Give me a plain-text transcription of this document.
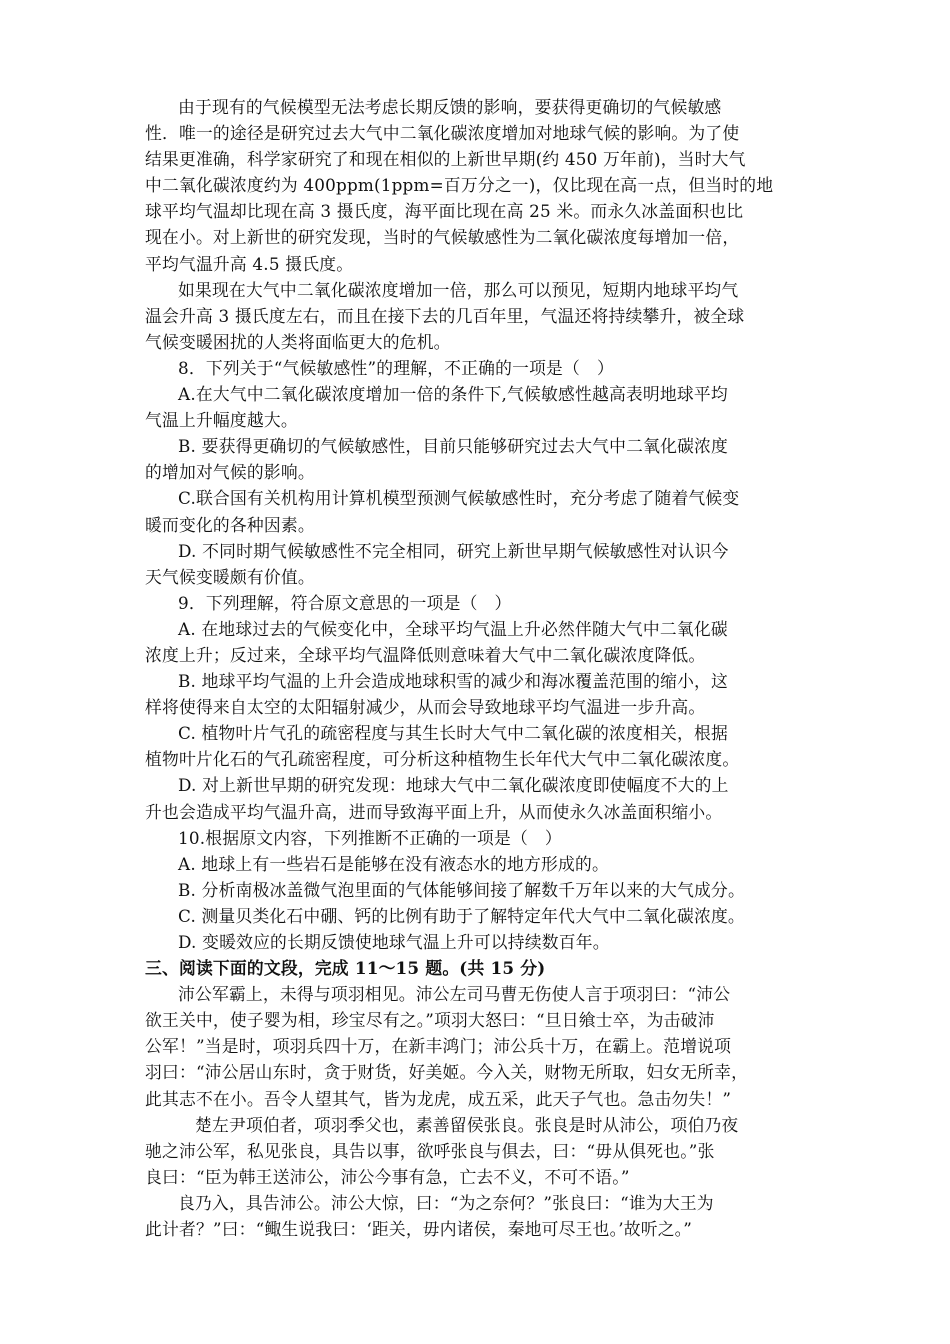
由于现有的气候模型无法考虑长期反馈的影响，要获得更确切的气候敏感
性．唯一的途径是研究过去大气中二氧化碳浓度增加对地球气候的影响。为了使
结果更准确，科学家研究了和现在相似的上新世早期(约 450 万年前)，当时大气
中二氧化碳浓度约为 400ppm(1ppm=百万分之一)，仅比现在高一点，但当时的地
球平均气温却比现在高 3 摄氏度，海平面比现在高 25 米。而永久冰盖面积也比
现在小。对上新世的研究发现，当时的气候敏感性为二氧化碳浓度每增加一倍，
平均气温升高 4.5 摄氏度。
如果现在大气中二氧化碳浓度增加一倍，那么可以预见，短期内地球平均气
温会升高 3 摄氏度左右，而且在接下去的几百年里，气温还将持续攀升，被全球
气候变暖困扰的人类将面临更大的危机。
8．下列关于“气候敏感性”的理解，不正确的一项是（　）
A.在大气中二氧化碳浓度增加一倍的条件下,气候敏感性越高表明地球平均
气温上升幅度越大。
B. 要获得更确切的气候敏感性，目前只能够研究过去大气中二氧化碳浓度
的增加对气候的影响。
C.联合国有关机构用计算机模型预测气候敏感性时，充分考虑了随着气候变
暖而变化的各种因素。
D. 不同时期气候敏感性不完全相同，研究上新世早期气候敏感性对认识今
天气候变暖颇有价值。
9．下列理解，符合原文意思的一项是（　）
A. 在地球过去的气候变化中，全球平均气温上升必然伴随大气中二氧化碳
浓度上升；反过来，全球平均气温降低则意味着大气中二氧化碳浓度降低。
B. 地球平均气温的上升会造成地球积雪的减少和海冰覆盖范围的缩小，这
样将使得来自太空的太阳辐射减少，从而会导致地球平均气温进一步升高。
C. 植物叶片气孔的疏密程度与其生长时大气中二氧化碳的浓度相关，根据
植物叶片化石的气孔疏密程度，可分析这种植物生长年代大气中二氧化碳浓度。
D. 对上新世早期的研究发现：地球大气中二氧化碳浓度即使幅度不大的上
升也会造成平均气温升高，进而导致海平面上升，从而使永久冰盖面积缩小。
10.根据原文内容，下列推断不正确的一项是（　）
A. 地球上有一些岩石是能够在没有液态水的地方形成的。
B. 分析南极冰盖微气泡里面的气体能够间接了解数千万年以来的大气成分。
C. 测量贝类化石中硼、钙的比例有助于了解特定年代大气中二氧化碳浓度。
D. 变暖效应的长期反馈使地球气温上升可以持续数百年。
三、阅读下面的文段，完成 11～15 题。(共 15 分)
沛公军霸上，未得与项羽相见。沛公左司马曹无伤使人言于项羽曰：“沛公
欲王关中，使子婴为相，珍宝尽有之。”项羽大怒曰：“旦日飨士卒，为击破沛
公军！”当是时，项羽兵四十万，在新丰鸿门；沛公兵十万，在霸上。范增说项
羽曰：“沛公居山东时，贪于财货，好美姬。今入关，财物无所取，妇女无所幸，
此其志不在小。吾令人望其气，皆为龙虎，成五采，此天子气也。急击勿失！”
楚左尹项伯者，项羽季父也，素善留侯张良。张良是时从沛公，项伯乃夜
驰之沛公军，私见张良，具告以事，欲呼张良与俱去，曰：“毋从俱死也。”张
良曰：“臣为韩王送沛公，沛公今事有急，亡去不义，不可不语。”
良乃入，具告沛公。沛公大惊，曰：“为之奈何？”张良曰：“谁为大王为
此计者？”曰：“鲰生说我曰：‘距关，毋内诸侯，秦地可尽王也。’故听之。”
